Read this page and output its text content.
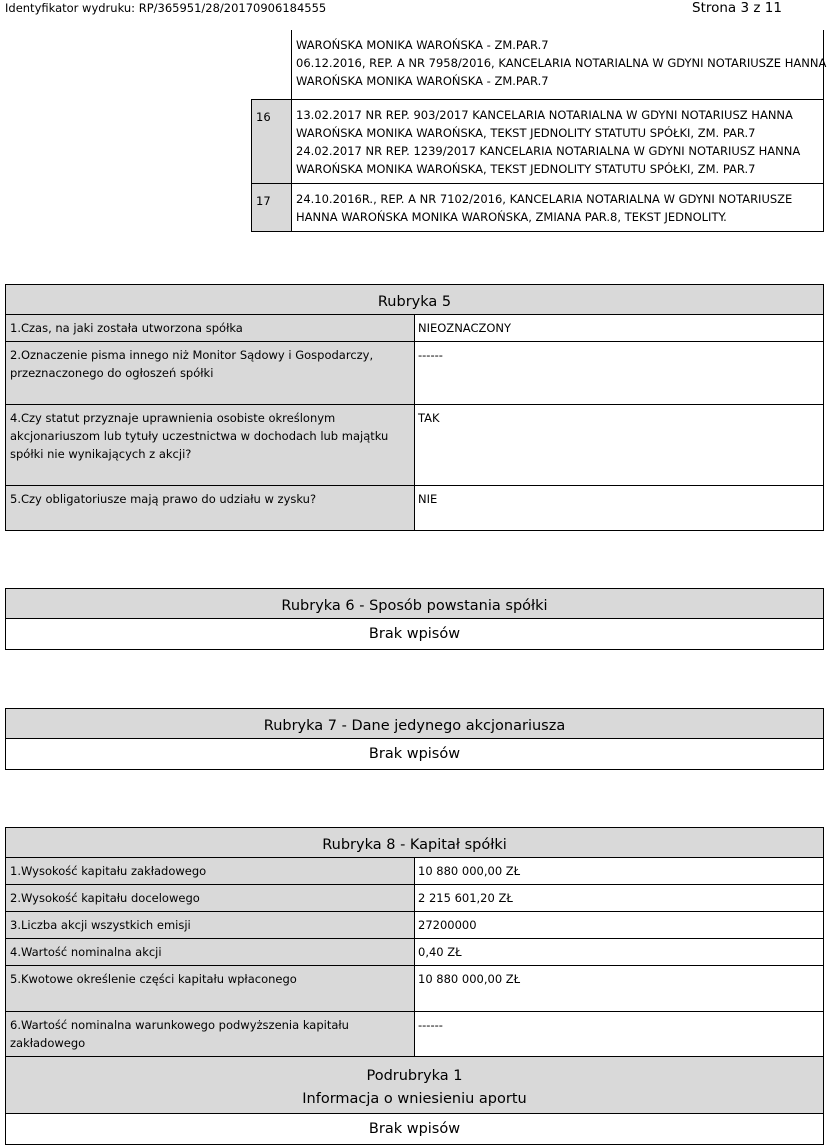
Identyfikator wydruku: RP/365951/28/20170906184555	Strona 3 z 11

	WAROŃSKA MONIKA WAROŃSKA - ZM.PAR.7
06.12.2016, REP. A NR 7958/2016, KANCELARIA NOTARIALNA W GDYNI NOTARIUSZE HANNA
WAROŃSKA MONIKA WAROŃSKA - ZM.PAR.7

16	13.02.2017 NR REP. 903/2017 KANCELARIA NOTARIALNA W GDYNI NOTARIUSZ HANNA
WAROŃSKA MONIKA WAROŃSKA, TEKST JEDNOLITY STATUTU SPÓŁKI, ZM. PAR.7
24.02.2017 NR REP. 1239/2017 KANCELARIA NOTARIALNA W GDYNI NOTARIUSZ HANNA
WAROŃSKA MONIKA WAROŃSKA, TEKST JEDNOLITY STATUTU SPÓŁKI, ZM. PAR.7

17	24.10.2016R., REP. A NR 7102/2016, KANCELARIA NOTARIALNA W GDYNI NOTARIUSZE
HANNA WAROŃSKA MONIKA WAROŃSKA, ZMIANA PAR.8, TEKST JEDNOLITY.
Rubryka 5	
1.Czas, na jaki została utworzona spółka	NIEOZNACZONY
2.Oznaczenie pisma innego niż Monitor Sądowy i Gospodarczy, przeznaczonego do ogłoszeń spółki	------
4.Czy statut przyznaje uprawnienia osobiste określonym akcjonariuszom lub tytuły uczestnictwa w dochodach lub majątku spółki nie wynikających z akcji?	TAK
5.Czy obligatoriusze mają prawo do udziału w zysku?	NIE
Rubryka 6 - Sposób powstania spółki
Brak wpisów
Rubryka 7 - Dane jedynego akcjonariusza
Brak wpisów
Rubryka 8 - Kapitał spółki	
1.Wysokość kapitału zakładowego	10 880 000,00 ZŁ
2.Wysokość kapitału docelowego	2 215 601,20 ZŁ
3.Liczba akcji wszystkich emisji	27200000
4.Wartość nominalna akcji	0,40 ZŁ
5.Kwotowe określenie części kapitału wpłaconego	10 880 000,00 ZŁ
6.Wartość nominalna warunkowego podwyższenia kapitału zakładowego	------

Podrubryka 1
Informacja o wniesieniu aportu	

Brak wpisów	
